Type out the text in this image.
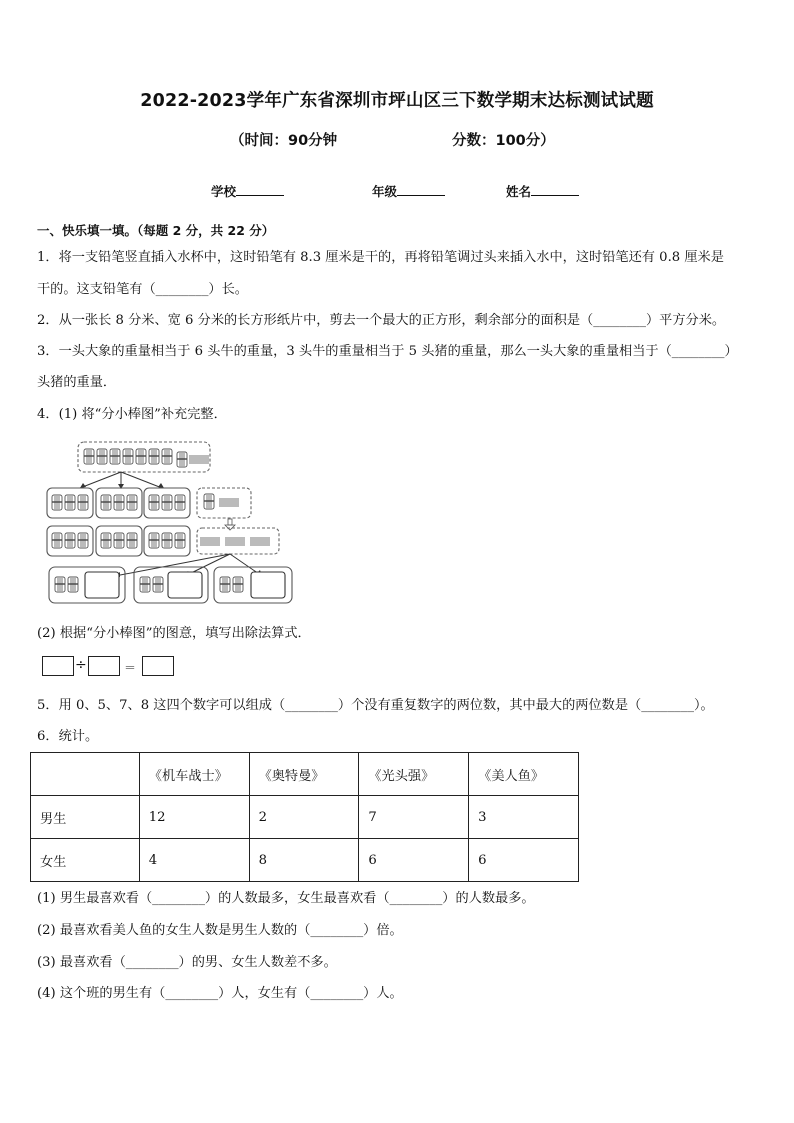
2022-2023学年广东省深圳市坪山区三下数学期末达标测试试题
（时间：90分钟	分数：100分）
学校	年级	姓名
一、快乐填一填。（每题 2 分，共 22 分）
1．将一支铅笔竖直插入水杯中，这时铅笔有 8.3 厘米是干的，再将铅笔调过头来插入水中，这时铅笔还有 0.8 厘米是
干的。这支铅笔有（________）长。
2．从一张长 8 分米、宽 6 分米的长方形纸片中，剪去一个最大的正方形，剩余部分的面积是（________）平方分米。
3．一头大象的重量相当于 6 头牛的重量，3 头牛的重量相当于 5 头猪的重量，那么一头大象的重量相当于（________）
头猪的重量．
4．(1) 将“分小棒图”补充完整．
(2) 根据“分小棒图”的图意，填写出除法算式．
÷	＝
5．用 0、5、7、8 这四个数字可以组成（________）个没有重复数字的两位数，其中最大的两位数是（________）。
6．统计。
	《机车战士》	《奥特曼》	《光头强》	《美人鱼》
男生	12	2	7	3
女生	4	8	6	6
(1) 男生最喜欢看（________）的人数最多，女生最喜欢看（________）的人数最多。
(2) 最喜欢看美人鱼的女生人数是男生人数的（________）倍。
(3) 最喜欢看（________）的男、女生人数差不多。
(4) 这个班的男生有（________）人，女生有（________）人。
